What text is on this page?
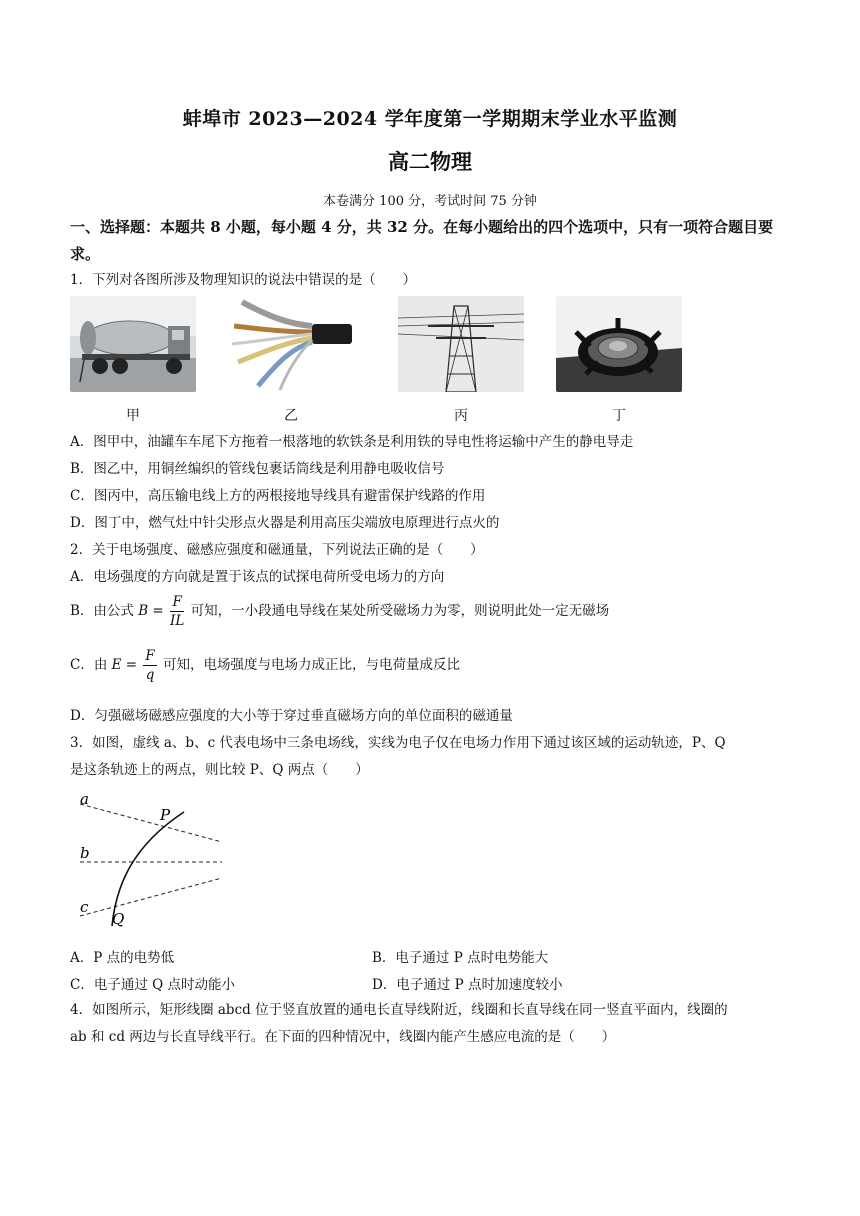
蚌埠市 2023—2024 学年度第一学期期末学业水平监测
高二物理
本卷满分 100 分，考试时间 75 分钟
一、选择题：本题共 8 小题，每小题 4 分，共 32 分。在每小题给出的四个选项中，只有一项符合题目要求。
1．下列对各图所涉及物理知识的说法中错误的是（　　）
甲	乙	丙	丁
A．图甲中，油罐车车尾下方拖着一根落地的软铁条是利用铁的导电性将运输中产生的静电导走
B．图乙中，用铜丝编织的管线包裹话筒线是利用静电吸收信号
C．图丙中，高压输电线上方的两根接地导线具有避雷保护线路的作用
D．图丁中，燃气灶中针尖形点火器是利用高压尖端放电原理进行点火的
2．关于电场强度、磁感应强度和磁通量，下列说法正确的是（　　）
A．电场强度的方向就是置于该点的试探电荷所受电场力的方向
B．由公式 $B = \frac{F}{IL}$ 可知，一小段通电导线在某处所受磁场力为零，则说明此处一定无磁场
C．由 $E = \frac{F}{q}$ 可知，电场强度与电场力成正比，与电荷量成反比
D．匀强磁场磁感应强度的大小等于穿过垂直磁场方向的单位面积的磁通量
3．如图，虚线 a、b、c 代表电场中三条电场线，实线为电子仅在电场力作用下通过该区域的运动轨迹，P、Q
是这条轨迹上的两点，则比较 P、Q 两点（　　）
a
b
c
P
Q
A．P 点的电势低	B．电子通过 P 点时电势能大
C．电子通过 Q 点时动能小	D．电子通过 P 点时加速度较小
4．如图所示，矩形线圈 abcd 位于竖直放置的通电长直导线附近，线圈和长直导线在同一竖直平面内，线圈的
ab 和 cd 两边与长直导线平行。在下面的四种情况中，线圈内能产生感应电流的是（　　）
